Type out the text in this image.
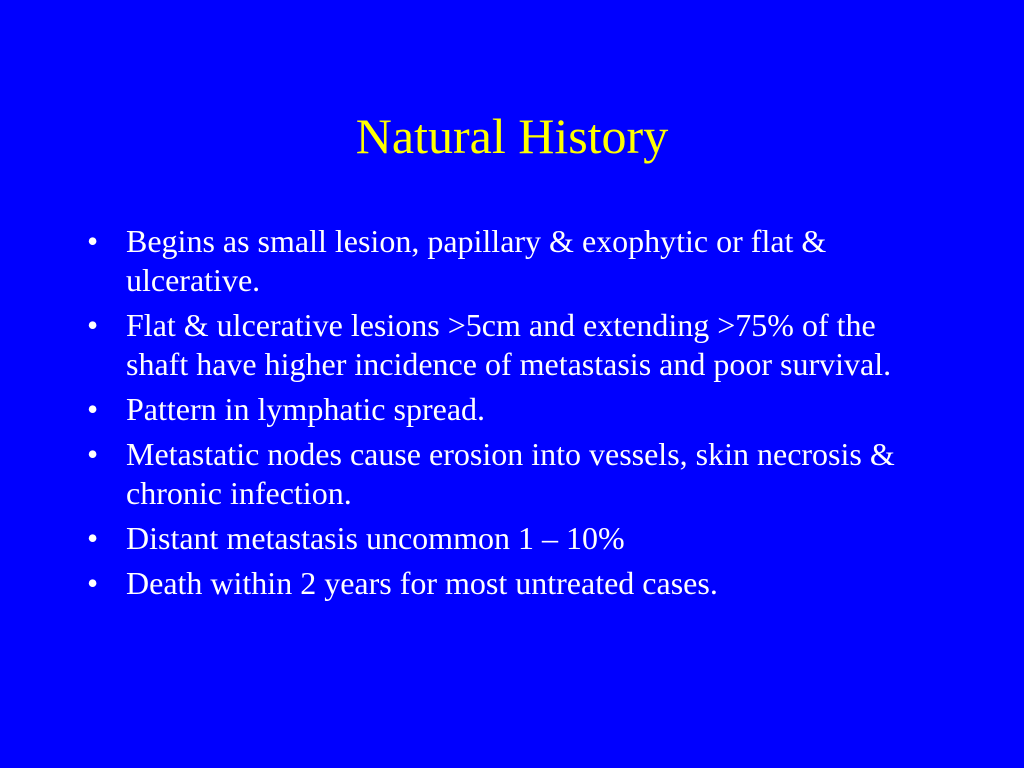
Natural History
• Begins as small lesion, papillary & exophytic or flat & ulcerative.
• Flat & ulcerative lesions >5cm and extending >75% of the shaft have higher incidence of metastasis and poor survival.
• Pattern in lymphatic spread.
• Metastatic nodes cause erosion into vessels, skin necrosis & chronic infection.
• Distant metastasis uncommon 1 – 10%
• Death within 2 years for most untreated cases.
